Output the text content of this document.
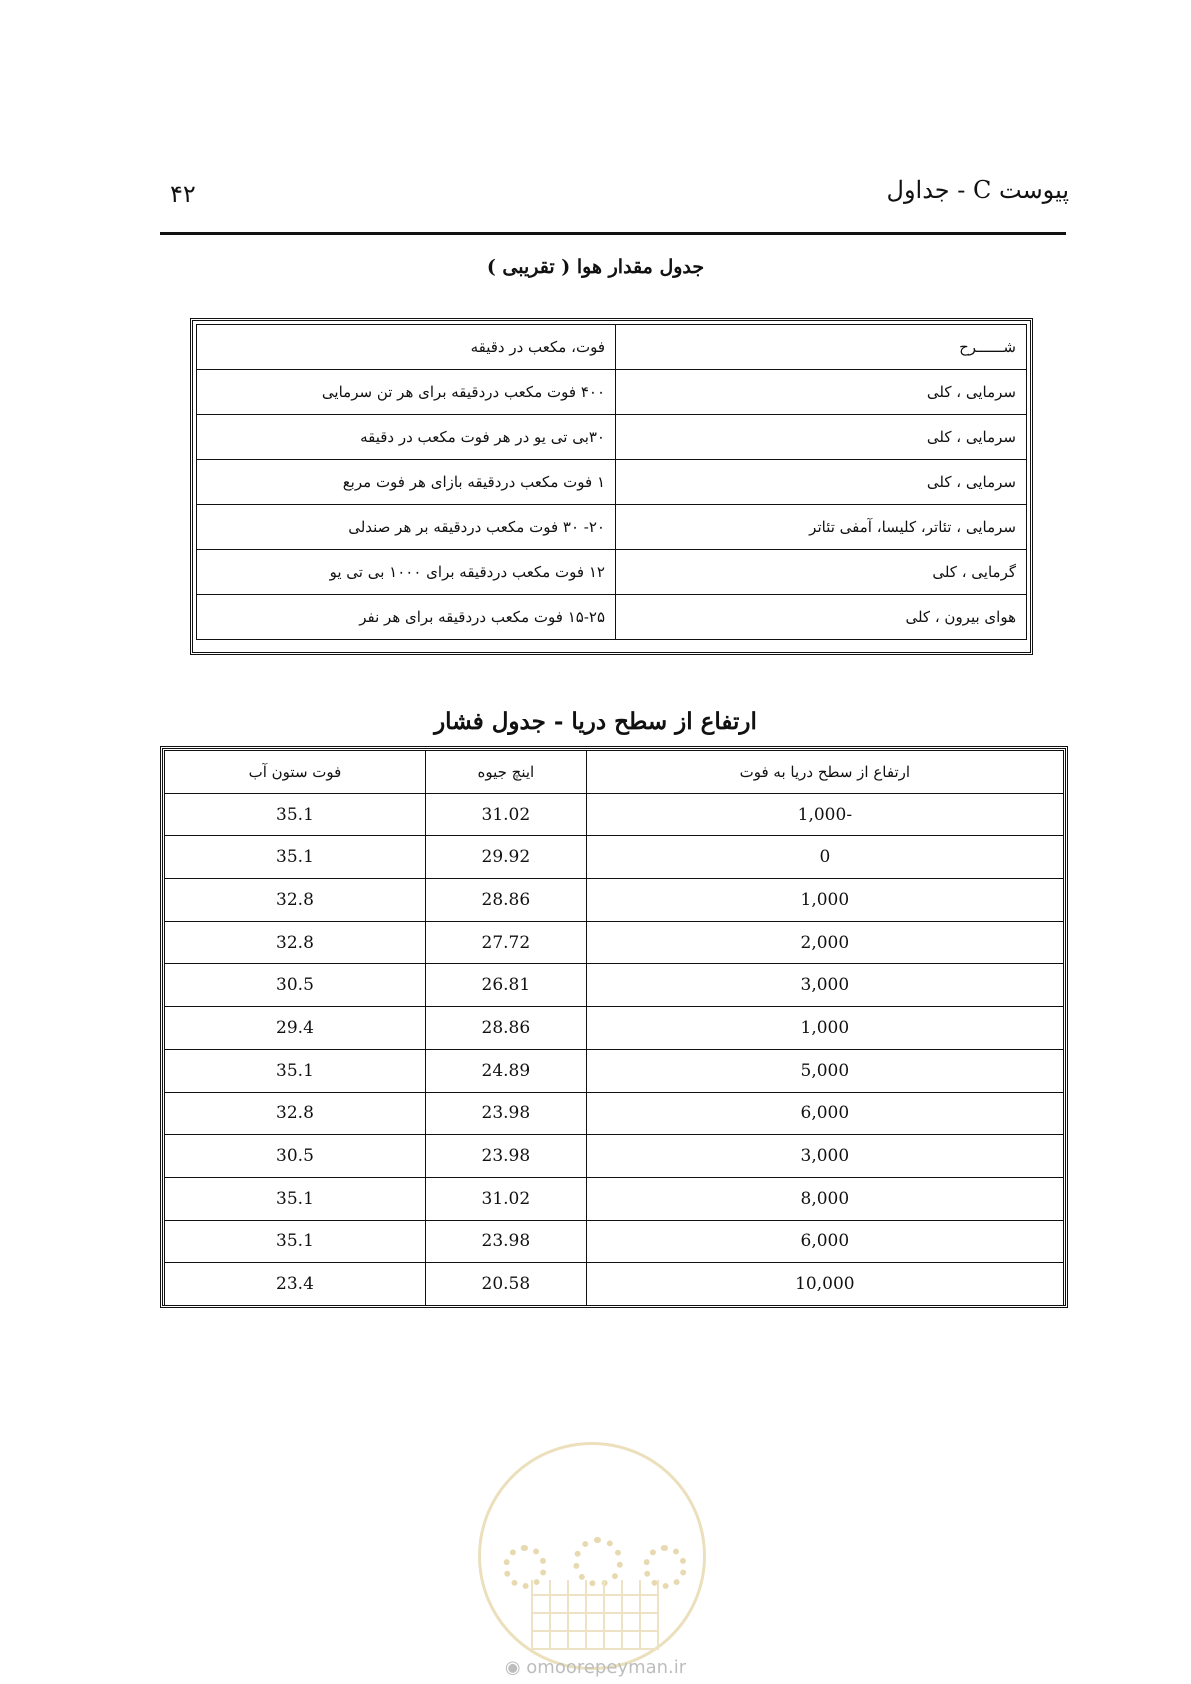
۴۲	پیوست C - جداول
جدول مقدار هوا ( تقریبی )
شــــــرح	فوت، مکعب در دقیقه
سرمایی ، کلی	۴۰۰ فوت مکعب دردقیقه برای هر تن سرمایی
سرمایی ، کلی	۳۰بی تی یو در هر فوت مکعب در دقیقه
سرمایی ، کلی	۱ فوت مکعب دردقیقه بازای هر فوت مربع
سرمایی ، تئاتر، کلیسا، آمفی تئاتر	۲۰- ۳۰ فوت مکعب دردقیقه بر هر صندلی
گرمایی ، کلی	۱۲ فوت مکعب دردقیقه برای ۱۰۰۰ بی تی یو
هوای بیرون ، کلی	۱۵-۲۵ فوت مکعب دردقیقه برای هر نفر
ارتفاع از سطح دریا - جدول فشار
ارتفاع از سطح دریا به فوت	اینچ جیوه	فوت ستون آب
-1,000	31.02	35.1
0	29.92	35.1
1,000	28.86	32.8
2,000	27.72	32.8
3,000	26.81	30.5
1,000	28.86	29.4
5,000	24.89	35.1
6,000	23.98	32.8
3,000	23.98	30.5
8,000	31.02	35.1
6,000	23.98	35.1
10,000	20.58	23.4
◉ omoorepeyman.ir
